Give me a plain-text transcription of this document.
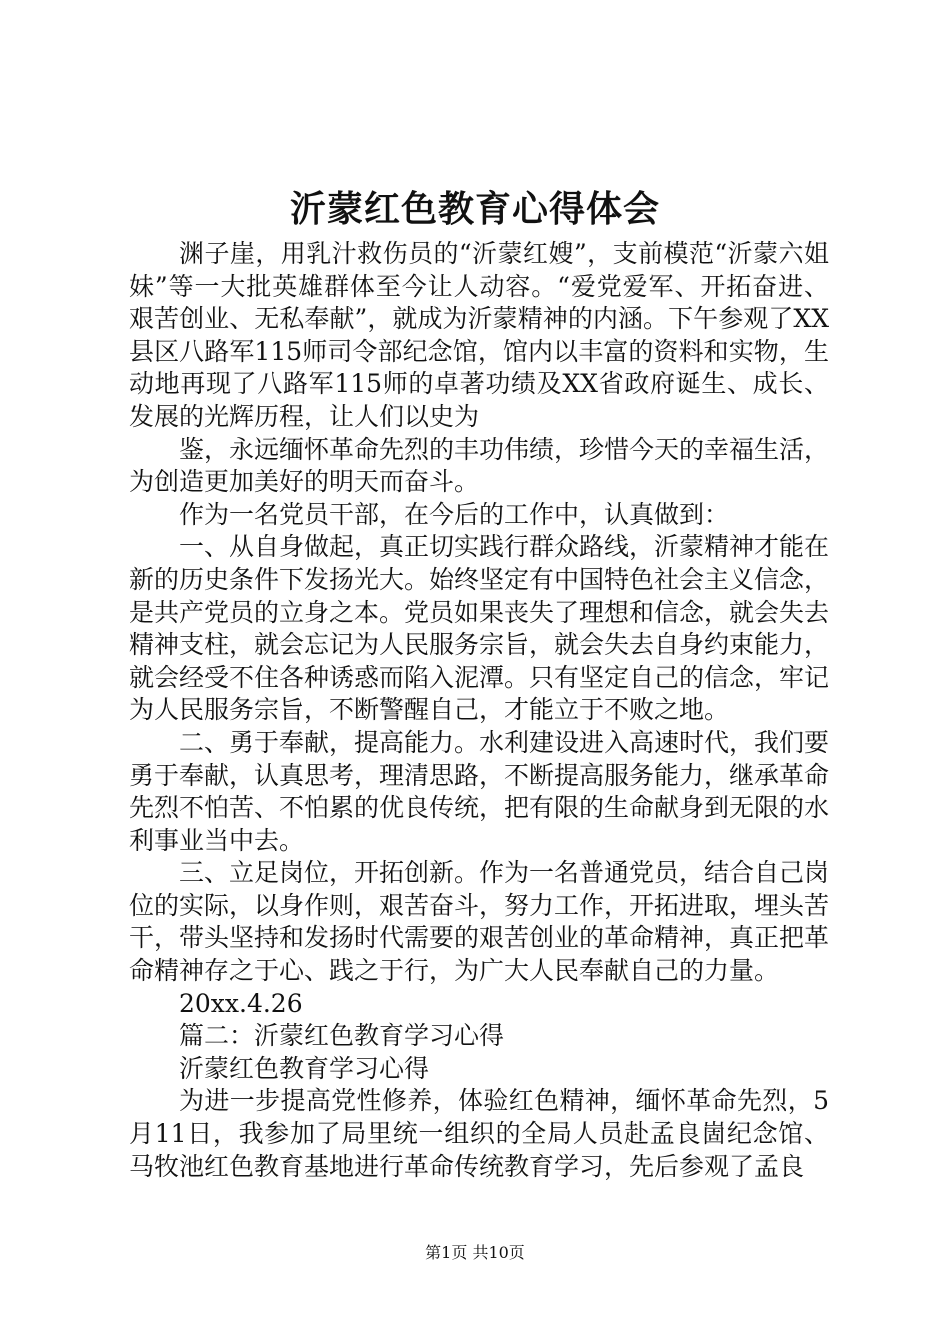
沂蒙红色教育心得体会

渊子崖，用乳汁救伤员的“沂蒙红嫂”，支前模范“沂蒙六姐妹”等一大批英雄群体至今让人动容。“爱党爱军、开拓奋进、艰苦创业、无私奉献”，就成为沂蒙精神的内涵。下午参观了XX县区八路军115师司令部纪念馆，馆内以丰富的资料和实物，生动地再现了八路军115师的卓著功绩及XX省政府诞生、成长、发展的光辉历程，让人们以史为

鉴，永远缅怀革命先烈的丰功伟绩，珍惜今天的幸福生活，为创造更加美好的明天而奋斗。

作为一名党员干部，在今后的工作中，认真做到：

一、从自身做起，真正切实践行群众路线，沂蒙精神才能在新的历史条件下发扬光大。始终坚定有中国特色社会主义信念，是共产党员的立身之本。党员如果丧失了理想和信念，就会失去精神支柱，就会忘记为人民服务宗旨，就会失去自身约束能力，就会经受不住各种诱惑而陷入泥潭。只有坚定自己的信念，牢记为人民服务宗旨，不断警醒自己，才能立于不败之地。

二、勇于奉献，提高能力。水利建设进入高速时代，我们要勇于奉献，认真思考，理清思路，不断提高服务能力，继承革命先烈不怕苦、不怕累的优良传统，把有限的生命献身到无限的水利事业当中去。

三、立足岗位，开拓创新。作为一名普通党员，结合自己岗位的实际，以身作则，艰苦奋斗，努力工作，开拓进取，埋头苦干，带头坚持和发扬时代需要的艰苦创业的革命精神，真正把革命精神存之于心、践之于行，为广大人民奉献自己的力量。

20xx.4.26

篇二：沂蒙红色教育学习心得

沂蒙红色教育学习心得

为进一步提高党性修养，体验红色精神，缅怀革命先烈，5月11日，我参加了局里统一组织的全局人员赴孟良崮纪念馆、马牧池红色教育基地进行革命传统教育学习，先后参观了孟良

第1页 共10页
